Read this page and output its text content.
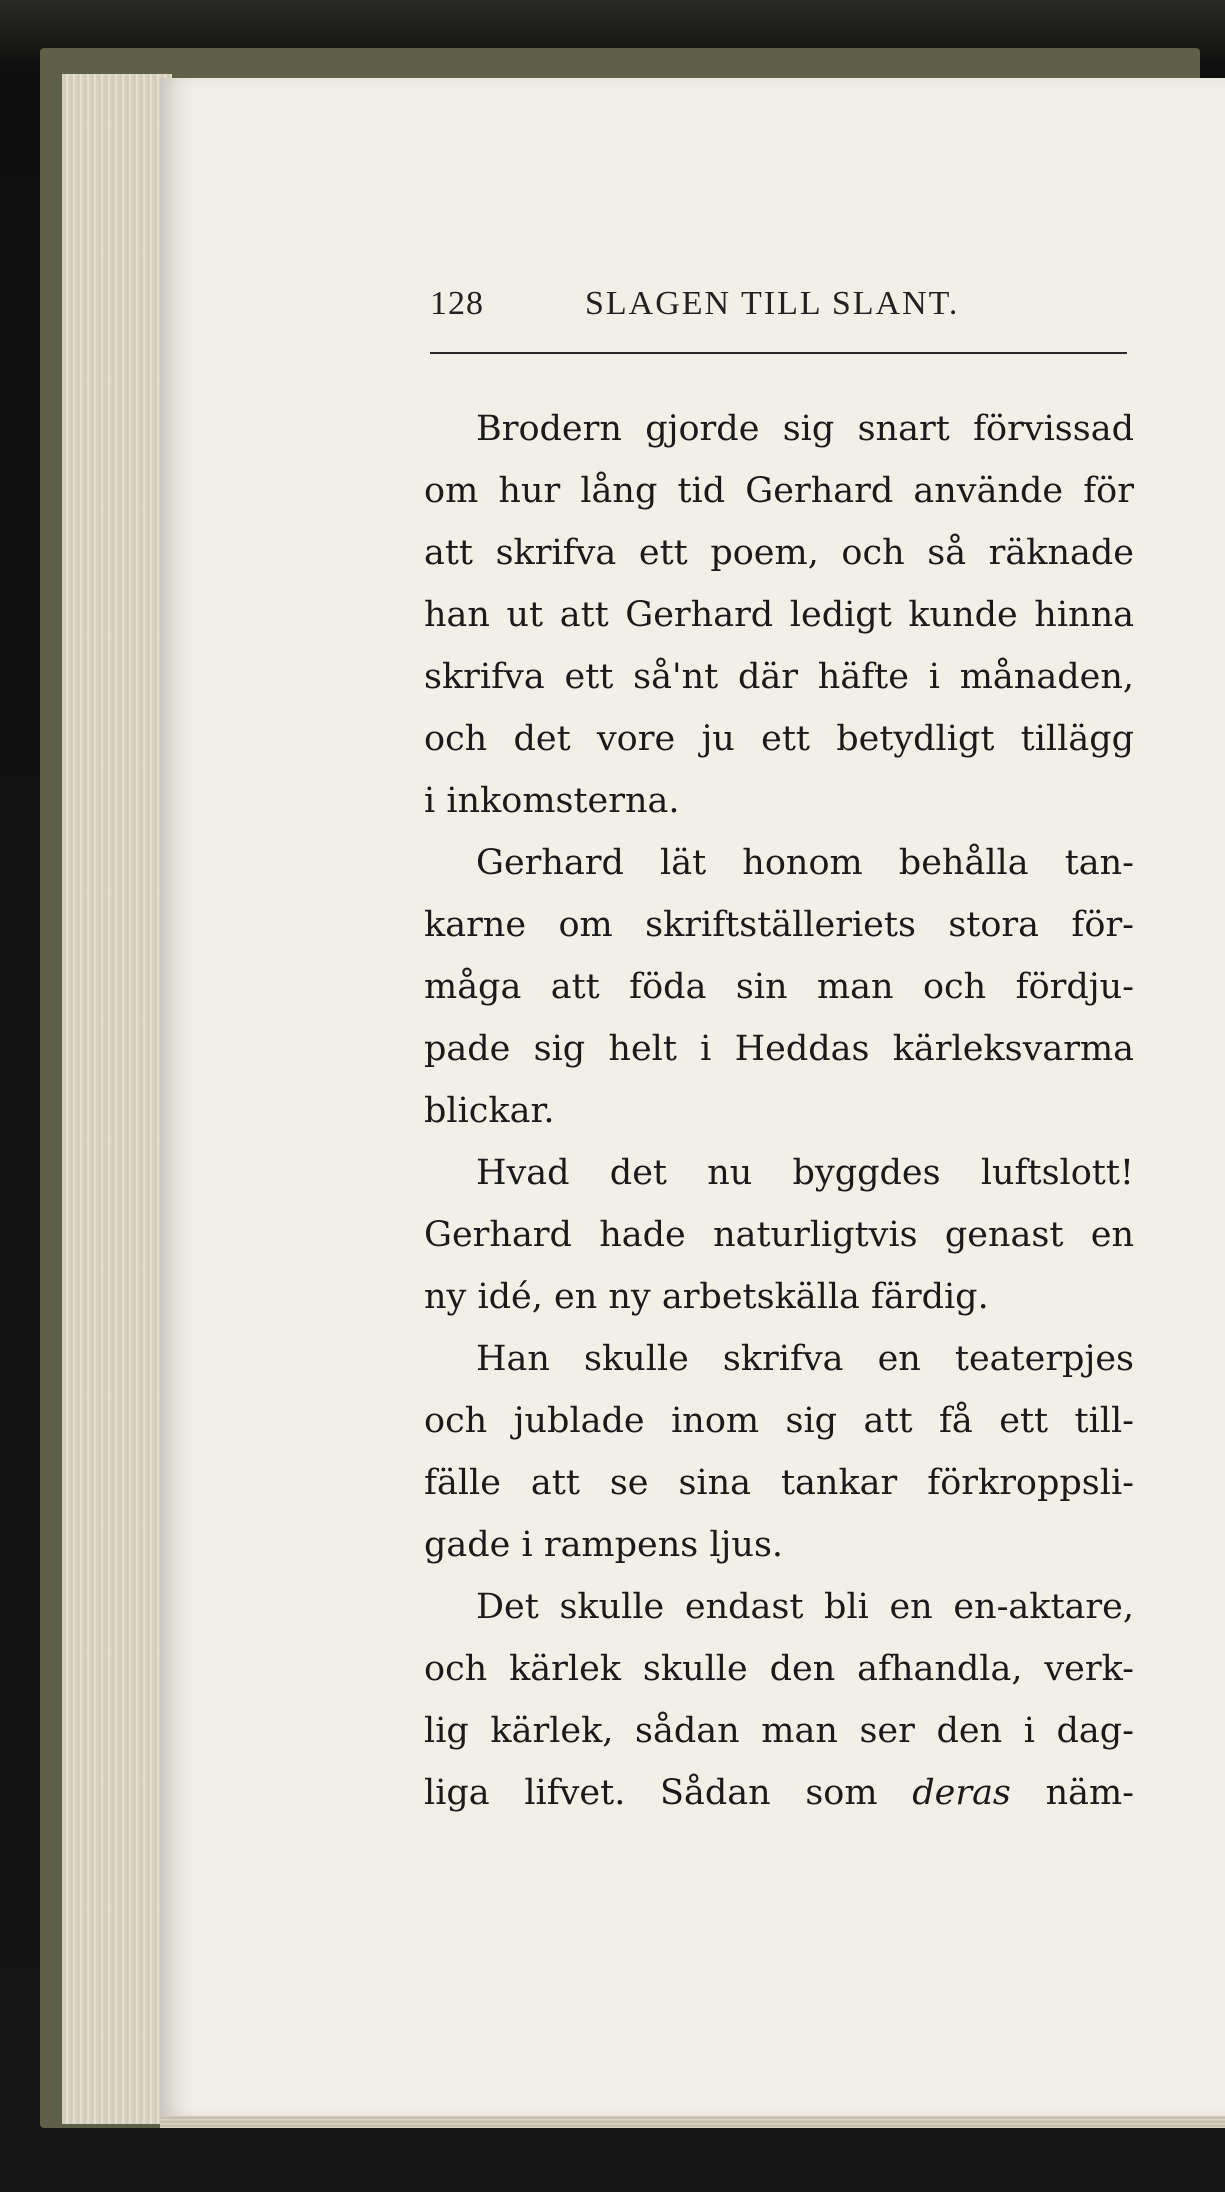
128	SLAGEN TILL SLANT.
Brodern gjorde sig snart förvissad
om hur lång tid Gerhard använde för
att skrifva ett poem, och så räknade
han ut att Gerhard ledigt kunde hinna
skrifva ett så'nt där häfte i månaden,
och det vore ju ett betydligt tillägg
i inkomsterna.
Gerhard lät honom behålla tan-
karne om skriftställeriets stora för-
måga att föda sin man och fördju-
pade sig helt i Heddas kärleksvarma
blickar.
Hvad det nu byggdes luftslott!
Gerhard hade naturligtvis genast en
ny idé, en ny arbetskälla färdig.
Han skulle skrifva en teaterpjes
och jublade inom sig att få ett till-
fälle att se sina tankar förkroppsli-
gade i rampens ljus.
Det skulle endast bli en en-aktare,
och kärlek skulle den afhandla, verk-
lig kärlek, sådan man ser den i dag-
liga lifvet. Sådan som deras näm-
